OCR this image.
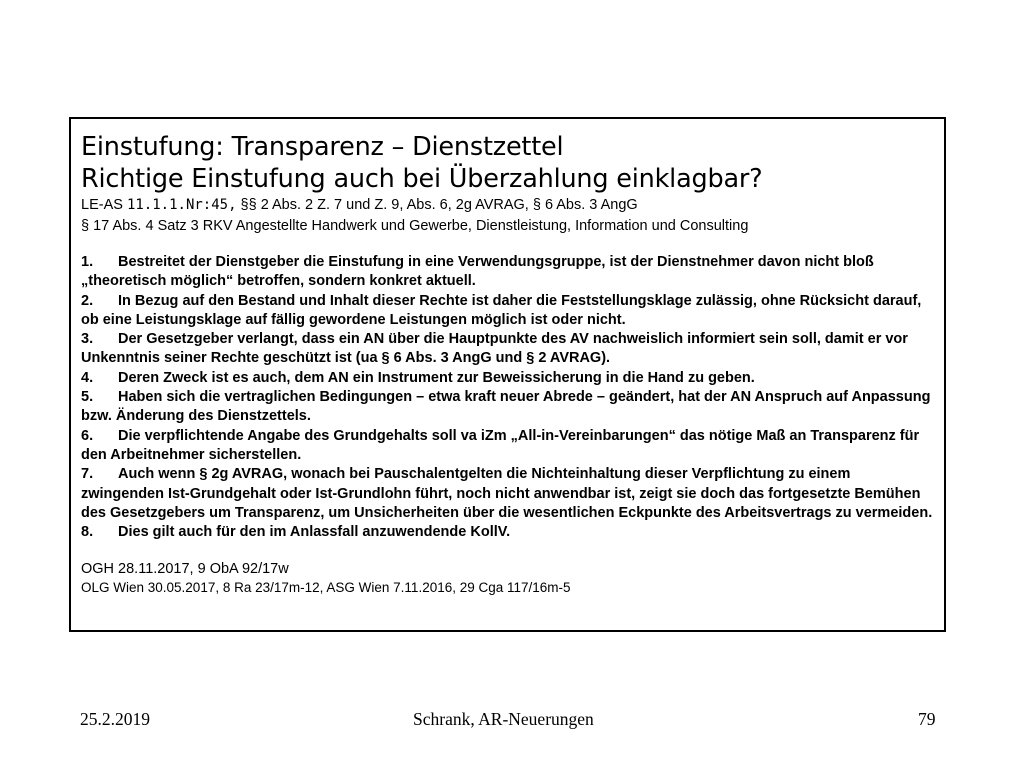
Einstufung: Transparenz – Dienstzettel
Richtige Einstufung auch bei Überzahlung einklagbar?
LE-AS 11.1.1.Nr:45, §§ 2 Abs. 2 Z. 7 und Z. 9, Abs. 6, 2g AVRAG, § 6 Abs. 3 AngG
§ 17 Abs. 4 Satz 3 RKV Angestellte Handwerk und Gewerbe, Dienstleistung, Information und Consulting

1. Bestreitet der Dienstgeber die Einstufung in eine Verwendungsgruppe, ist der Dienstnehmer davon nicht bloß „theoretisch möglich“ betroffen, sondern konkret aktuell.

2. In Bezug auf den Bestand und Inhalt dieser Rechte ist daher die Feststellungsklage zulässig, ohne Rücksicht darauf, ob eine Leistungsklage auf fällig gewordene Leistungen möglich ist oder nicht.

3. Der Gesetzgeber verlangt, dass ein AN über die Hauptpunkte des AV nachweislich informiert sein soll, damit er vor Unkenntnis seiner Rechte geschützt ist (ua § 6 Abs. 3 AngG und § 2 AVRAG).

4. Deren Zweck ist es auch, dem AN ein Instrument zur Beweissicherung in die Hand zu geben.

5. Haben sich die vertraglichen Bedingungen – etwa kraft neuer Abrede – geändert, hat der AN Anspruch auf Anpassung bzw. Änderung des Dienstzettels.

6. Die verpflichtende Angabe des Grundgehalts soll va iZm „All-in-Vereinbarungen“ das nötige Maß an Transparenz für den Arbeitnehmer sicherstellen.

7. Auch wenn § 2g AVRAG, wonach bei Pauschalentgelten die Nichteinhaltung dieser Verpflichtung zu einem zwingenden Ist-Grundgehalt oder Ist-Grundlohn führt, noch nicht anwendbar ist, zeigt sie doch das fortgesetzte Bemühen des Gesetzgebers um Transparenz, um Unsicherheiten über die wesentlichen Eckpunkte des Arbeitsvertrags zu vermeiden.

8. Dies gilt auch für den im Anlassfall anzuwendende KollV.

OGH 28.11.2017, 9 ObA 92/17w
OLG Wien 30.05.2017, 8 Ra 23/17m-12, ASG Wien 7.11.2016, 29 Cga 117/16m-5
25.2.2019	Schrank, AR-Neuerungen	79
